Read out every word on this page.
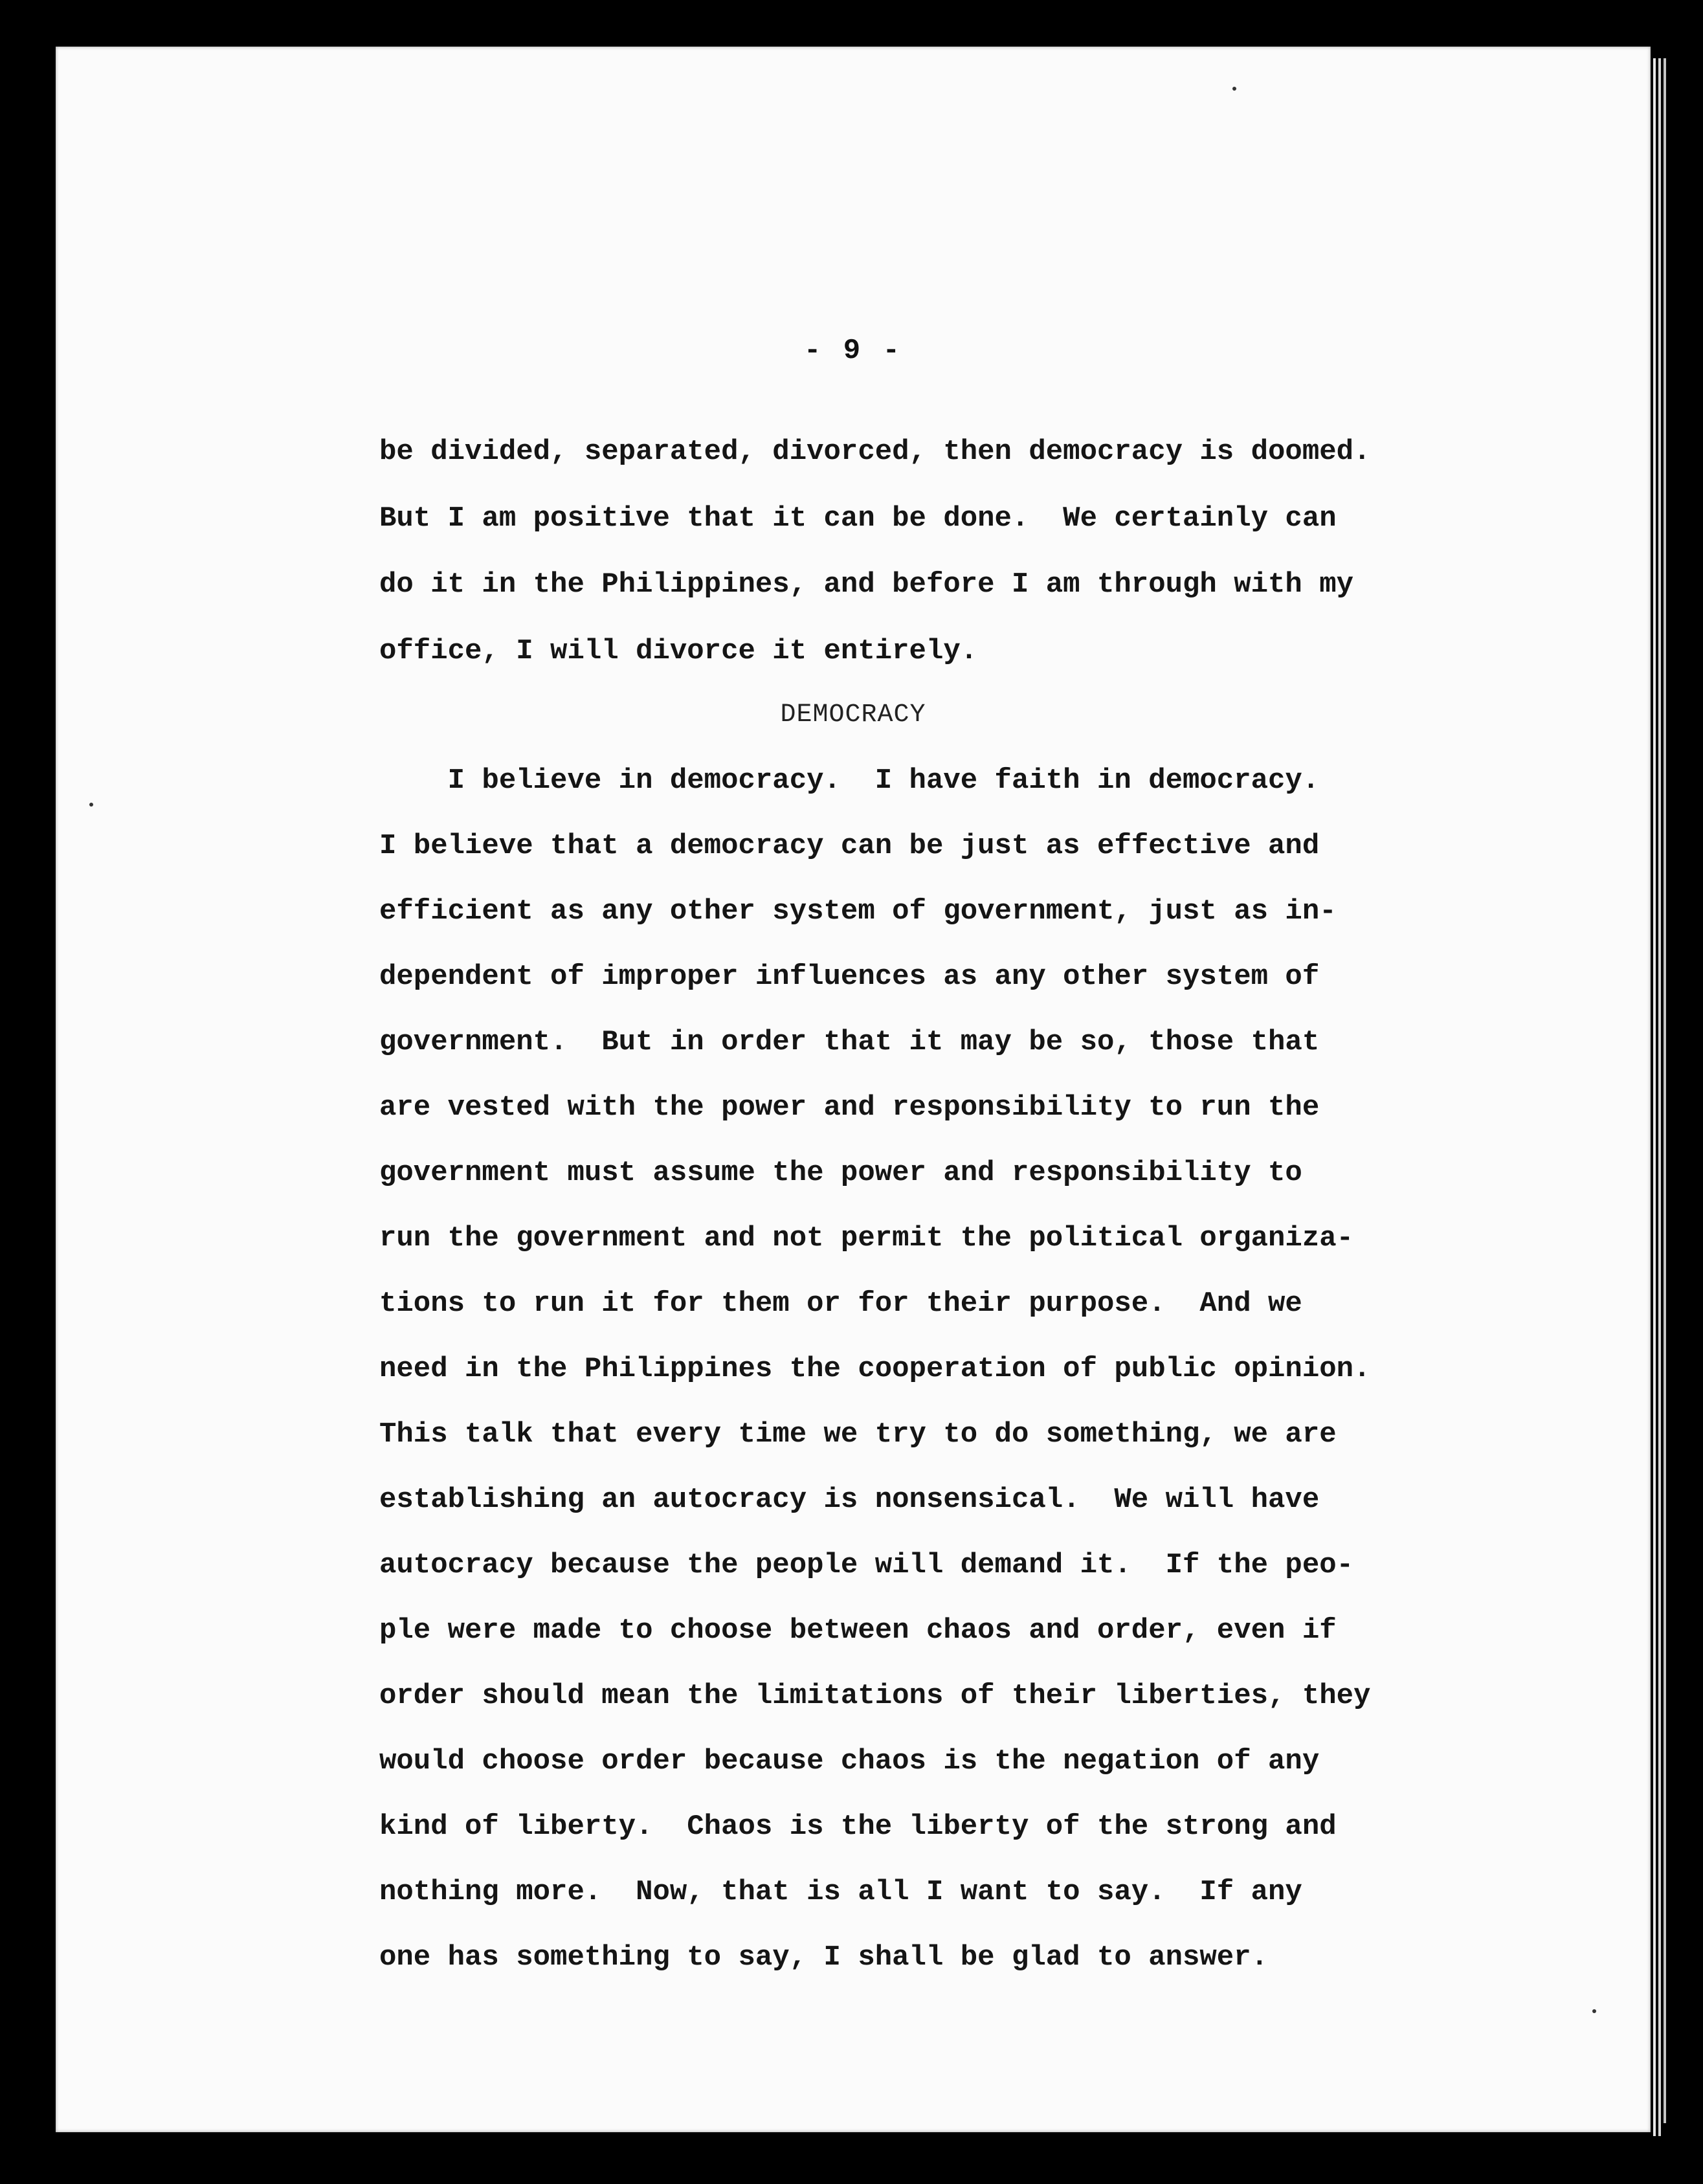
- 9 -
be divided, separated, divorced, then democracy is doomed.
But I am positive that it can be done.  We certainly can
do it in the Philippines, and before I am through with my
office, I will divorce it entirely.
DEMOCRACY
I believe in democracy.  I have faith in democracy.
I believe that a democracy can be just as effective and
efficient as any other system of government, just as in-
dependent of improper influences as any other system of
government.  But in order that it may be so, those that
are vested with the power and responsibility to run the
government must assume the power and responsibility to
run the government and not permit the political organiza-
tions to run it for them or for their purpose.  And we
need in the Philippines the cooperation of public opinion.
This talk that every time we try to do something, we are
establishing an autocracy is nonsensical.  We will have
autocracy because the people will demand it.  If the peo-
ple were made to choose between chaos and order, even if
order should mean the limitations of their liberties, they
would choose order because chaos is the negation of any
kind of liberty.  Chaos is the liberty of the strong and
nothing more.  Now, that is all I want to say.  If any
one has something to say, I shall be glad to answer.
